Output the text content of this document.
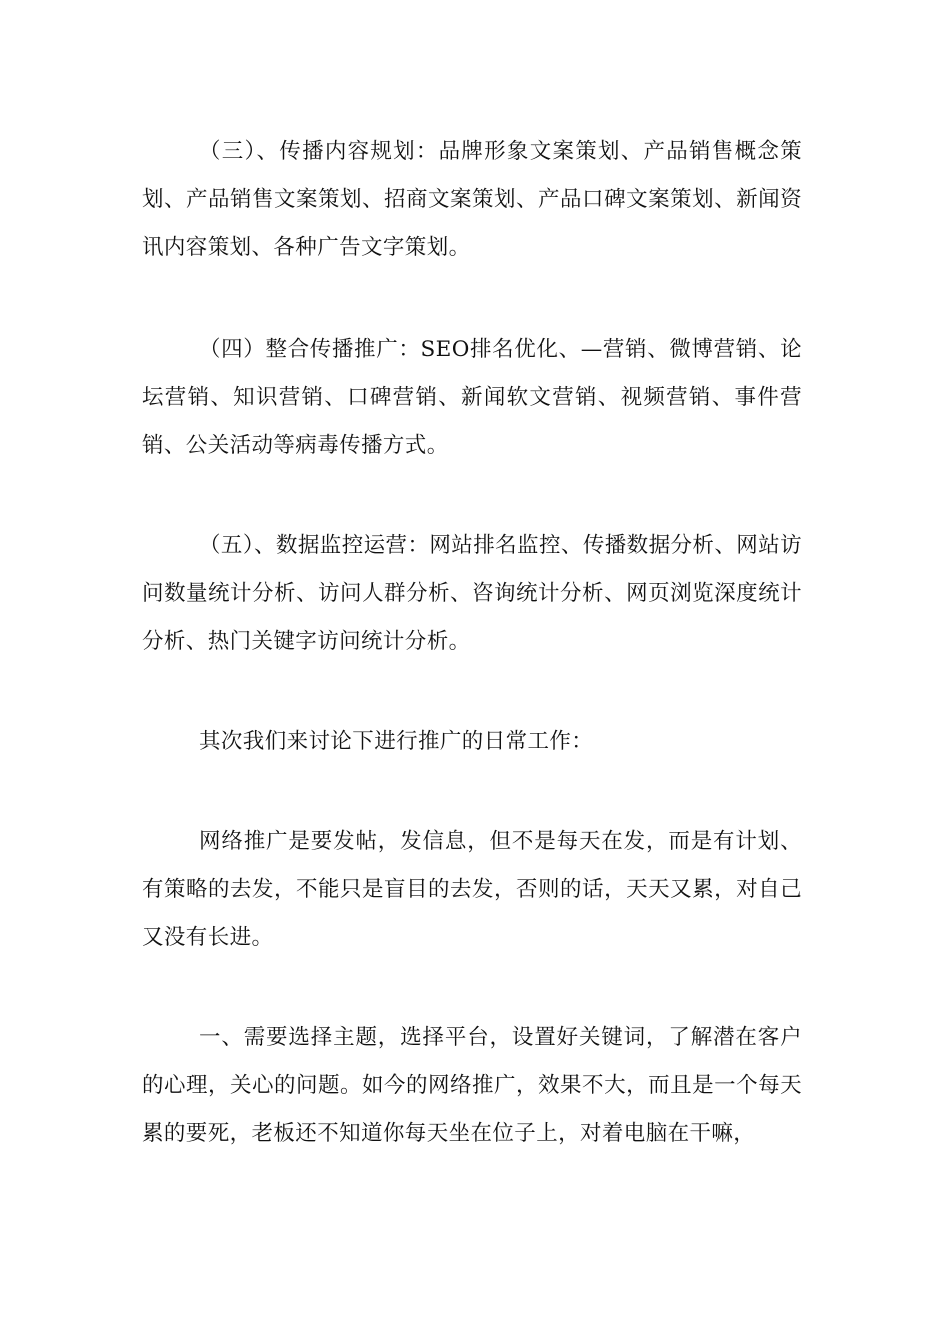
（三）、传播内容规划：品牌形象文案策划、产品销售概念策划、产品销售文案策划、招商文案策划、产品口碑文案策划、新闻资讯内容策划、各种广告文字策划。

（四）整合传播推广：SEO排名优化、—营销、微博营销、论坛营销、知识营销、口碑营销、新闻软文营销、视频营销、事件营销、公关活动等病毒传播方式。

（五）、数据监控运营：网站排名监控、传播数据分析、网站访问数量统计分析、访问人群分析、咨询统计分析、网页浏览深度统计分析、热门关键字访问统计分析。

其次我们来讨论下进行推广的日常工作：

网络推广是要发帖，发信息，但不是每天在发，而是有计划、有策略的去发，不能只是盲目的去发，否则的话，天天又累，对自己又没有长进。

一、需要选择主题，选择平台，设置好关键词，了解潜在客户的心理，关心的问题。如今的网络推广，效果不大，而且是一个每天累的要死，老板还不知道你每天坐在位子上，对着电脑在干嘛，
